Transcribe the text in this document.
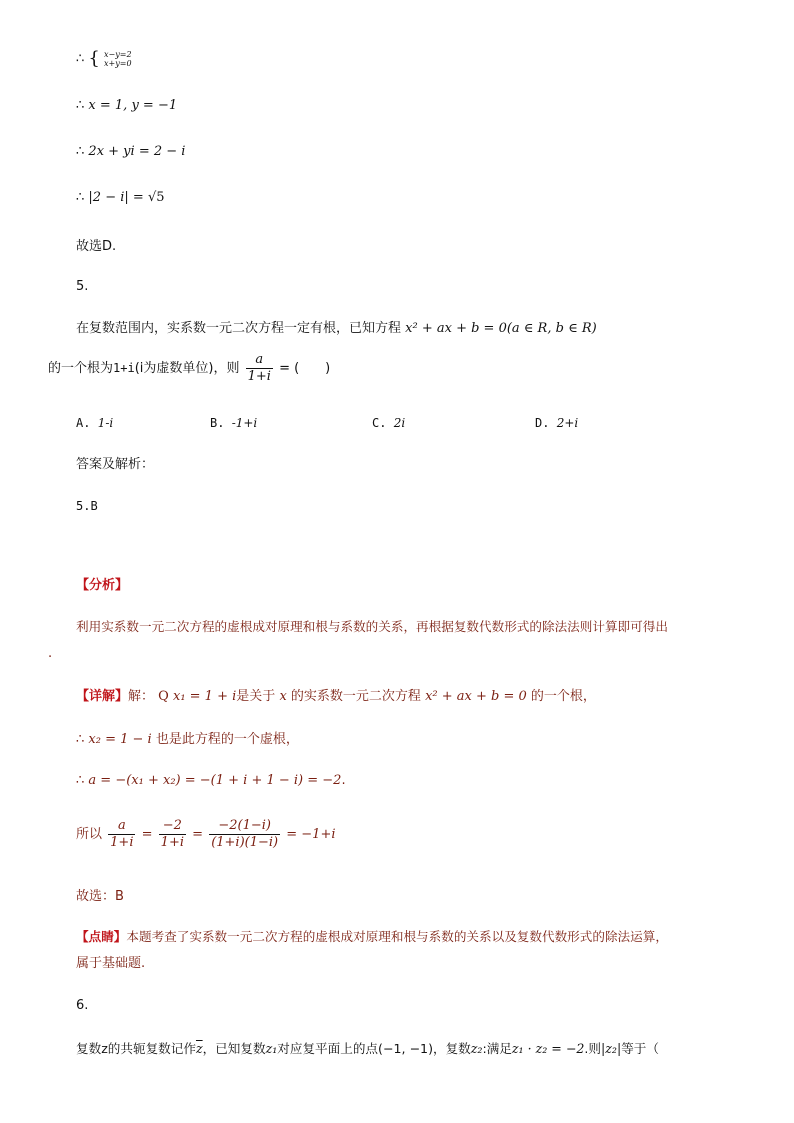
∴ { x−y=2
x+y=0
∴ x = 1, y = −1
∴ 2x + yi = 2 − i
∴ |2 − i| = √5
故选D.
5.
在复数范围内，实系数一元二次方程一定有根，已知方程 x² + ax + b = 0(a ∈ R, b ∈ R)
的一个根为1+i(i为虚数单位)，则 $\frac{a}{1+i}$ = (　　)
A. 1-i	B. -1+i	C. 2i	D. 2+i
答案及解析：
5.B
【分析】
利用实系数一元二次方程的虚根成对原理和根与系数的关系，再根据复数代数形式的除法法则计算即可得出
.
【详解】解： Q x₁ = 1 + i是关于 x 的实系数一元二次方程 x² + ax + b = 0 的一个根，
∴ x₂ = 1 − i 也是此方程的一个虚根，
∴ a = −(x₁ + x₂) = −(1 + i + 1 − i) = −2.
所以 $\frac{a}{1+i} = \frac{-2}{1+i} = \frac{-2(1-i)}{(1+i)(1-i)} = -1+i$
故选：B
【点睛】本题考查了实系数一元二次方程的虚根成对原理和根与系数的关系以及复数代数形式的除法运算，
属于基础题.
6.
复数z的共轭复数记作$\overline{z}$，已知复数z₁对应复平面上的点(−1, −1)，复数z₂:满足z₁ · z₂ = −2.则|z₂|等于（
